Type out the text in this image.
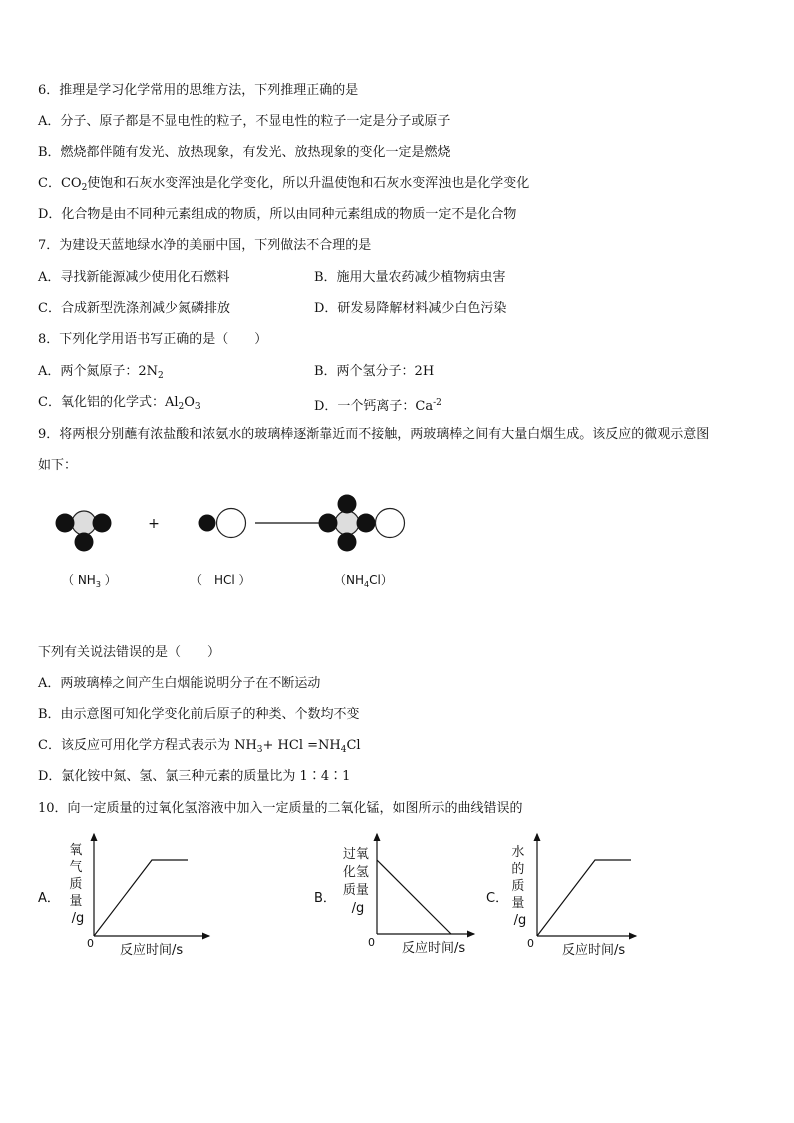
6．推理是学习化学常用的思维方法，下列推理正确的是
A．分子、原子都是不显电性的粒子，不显电性的粒子一定是分子或原子
B．燃烧都伴随有发光、放热现象，有发光、放热现象的变化一定是燃烧
C．$CO_2$使饱和石灰水变浑浊是化学变化，所以升温使饱和石灰水变浑浊也是化学变化
D．化合物是由不同种元素组成的物质，所以由同种元素组成的物质一定不是化合物
7．为建设天蓝地绿水净的美丽中国，下列做法不合理的是
A．寻找新能源减少使用化石燃料	B．施用大量农药减少植物病虫害
C．合成新型洗涤剂减少氮磷排放	D．研发易降解材料减少白色污染
8．下列化学用语书写正确的是（　　）
A．两个氮原子：$2N_2$	B．两个氢分子：2H
C．氧化铝的化学式：$Al_2O_3$	D．一个钙离子：$Ca^{-2}$
9．将两根分别蘸有浓盐酸和浓氨水的玻璃棒逐渐靠近而不接触，两玻璃棒之间有大量白烟生成。该反应的微观示意图
如下：
+
（ $NH_3$ ）	（　HCl ）	$(NH_4Cl)$
下列有关说法错误的是（　　）
A．两玻璃棒之间产生白烟能说明分子在不断运动
B．由示意图可知化学变化前后原子的种类、个数均不变
C．该反应可用化学方程式表示为 $NH_3+$ HCl $=NH_4Cl$
D．氯化铵中氮、氢、氯三种元素的质量比为 1∶4∶1
10．向一定质量的过氧化氢溶液中加入一定质量的二氧化锰，如图所示的曲线错误的
A．
氧 气 质 量 /g
0 反应时间/s
B．
过氧 化氢 质量 /g
0 反应时间/s
C．
水 的 质 量 /g
0 反应时间/s
